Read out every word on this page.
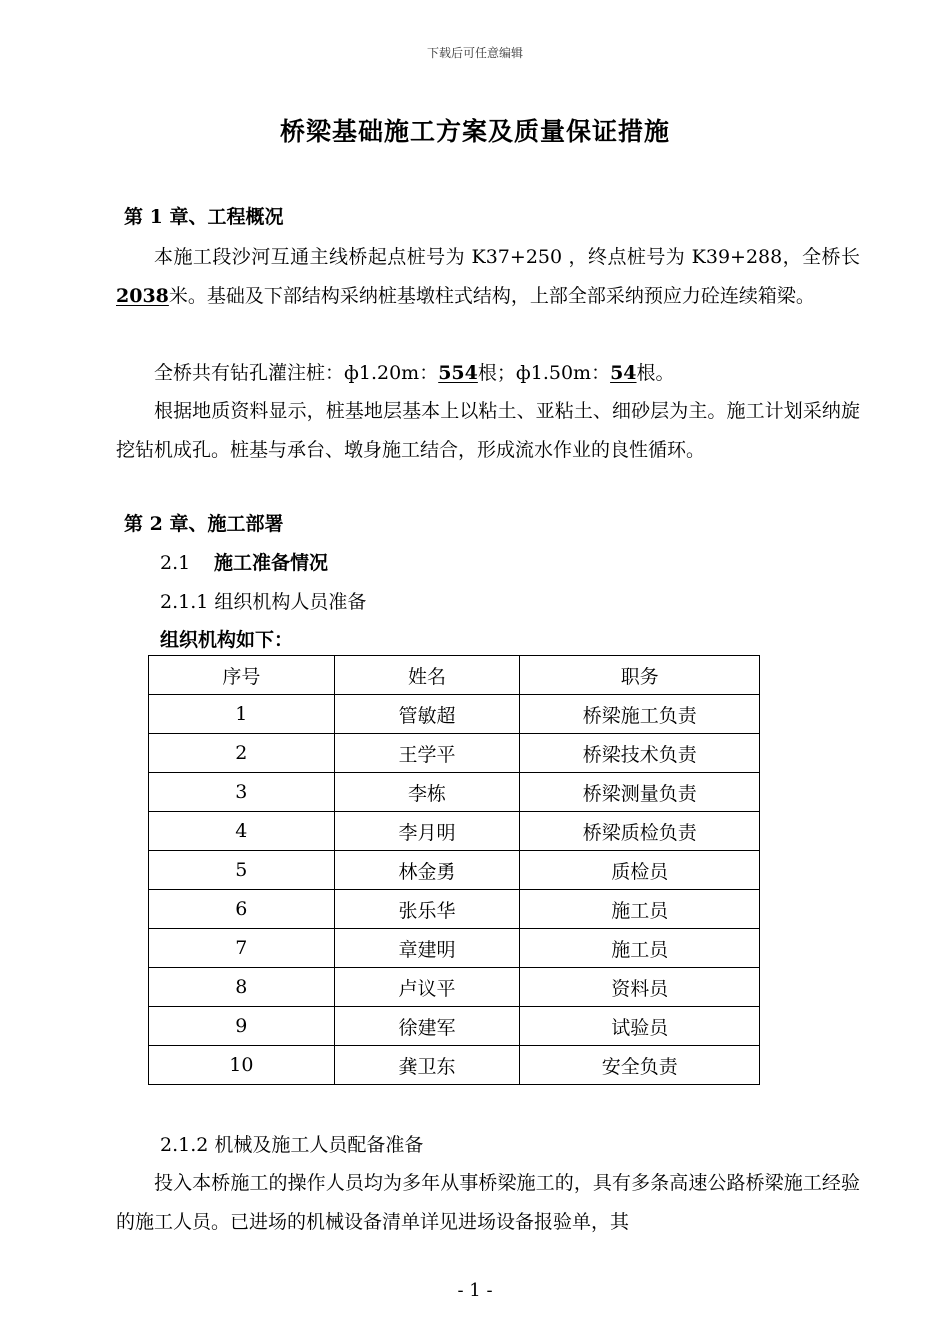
下载后可任意编辑
桥梁基础施工方案及质量保证措施
第 1 章、工程概况
本施工段沙河互通主线桥起点桩号为 K37+250 ，终点桩号为 K39+288，全桥长 2038米。基础及下部结构采纳桩基墩柱式结构，上部全部采纳预应力砼连续箱梁。
全桥共有钻孔灌注桩：ф1.20m：554根；ф1.50m：54根。
根据地质资料显示，桩基地层基本上以粘土、亚粘土、细砂层为主。施工计划采纳旋挖钻机成孔。桩基与承台、墩身施工结合，形成流水作业的良性循环。
第 2 章、施工部署
2.1 施工准备情况
2.1.1 组织机构人员准备
组织机构如下：
序号	姓名	职务
1	管敏超	桥梁施工负责
2	王学平	桥梁技术负责
3	李栋	桥梁测量负责
4	李月明	桥梁质检负责
5	林金勇	质检员
6	张乐华	施工员
7	章建明	施工员
8	卢议平	资料员
9	徐建军	试验员
10	龚卫东	安全负责
2.1.2 机械及施工人员配备准备
投入本桥施工的操作人员均为多年从事桥梁施工的，具有多条高速公路桥梁施工经验的施工人员。已进场的机械设备清单详见进场设备报验单，其
- 1 -
